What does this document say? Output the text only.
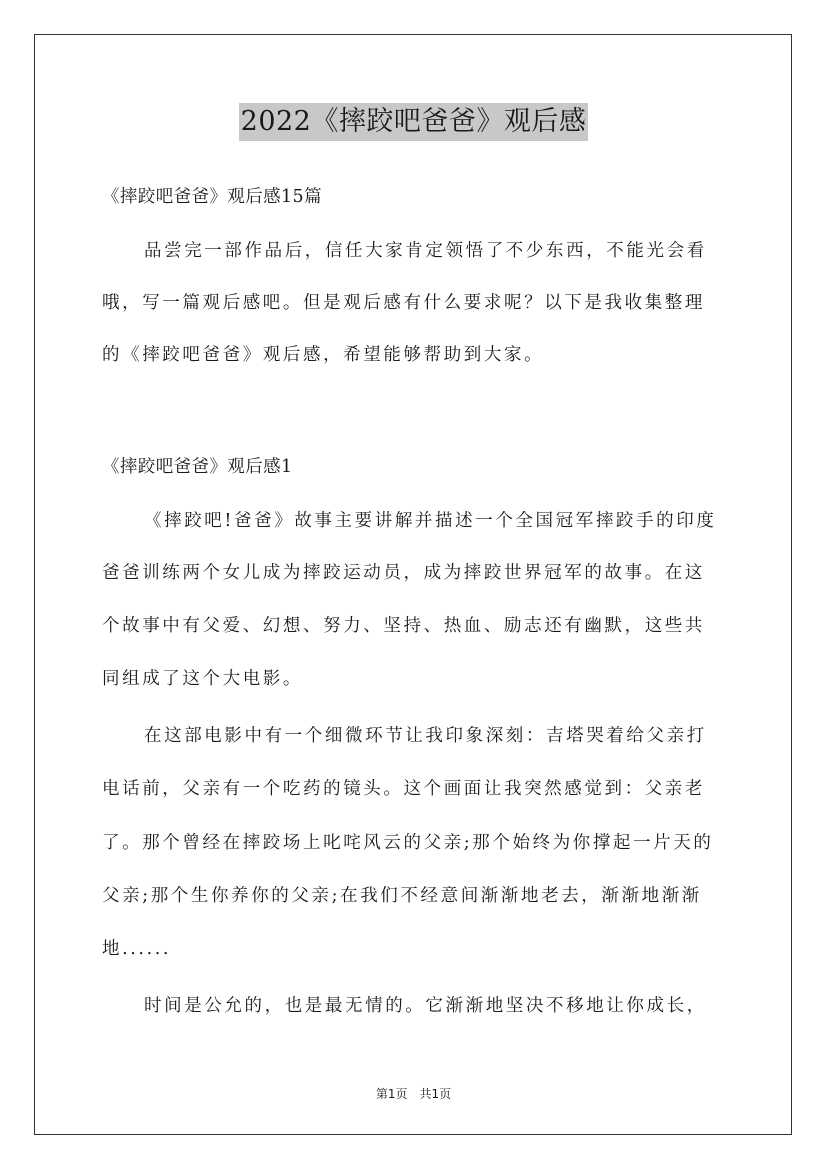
2022《摔跤吧爸爸》观后感
《摔跤吧爸爸》观后感15篇
品尝完一部作品后，信任大家肯定领悟了不少东西，不能光会看
哦，写一篇观后感吧。但是观后感有什么要求呢？以下是我收集整理
的《摔跤吧爸爸》观后感，希望能够帮助到大家。
《摔跤吧爸爸》观后感1
《摔跤吧!爸爸》故事主要讲解并描述一个全国冠军摔跤手的印度
爸爸训练两个女儿成为摔跤运动员，成为摔跤世界冠军的故事。在这
个故事中有父爱、幻想、努力、坚持、热血、励志还有幽默，这些共
同组成了这个大电影。
在这部电影中有一个细微环节让我印象深刻：吉塔哭着给父亲打
电话前，父亲有一个吃药的镜头。这个画面让我突然感觉到：父亲老
了。那个曾经在摔跤场上叱咤风云的父亲;那个始终为你撑起一片天的
父亲;那个生你养你的父亲;在我们不经意间渐渐地老去，渐渐地渐渐
地......
时间是公允的，也是最无情的。它渐渐地坚决不移地让你成长，
第1页　共1页
